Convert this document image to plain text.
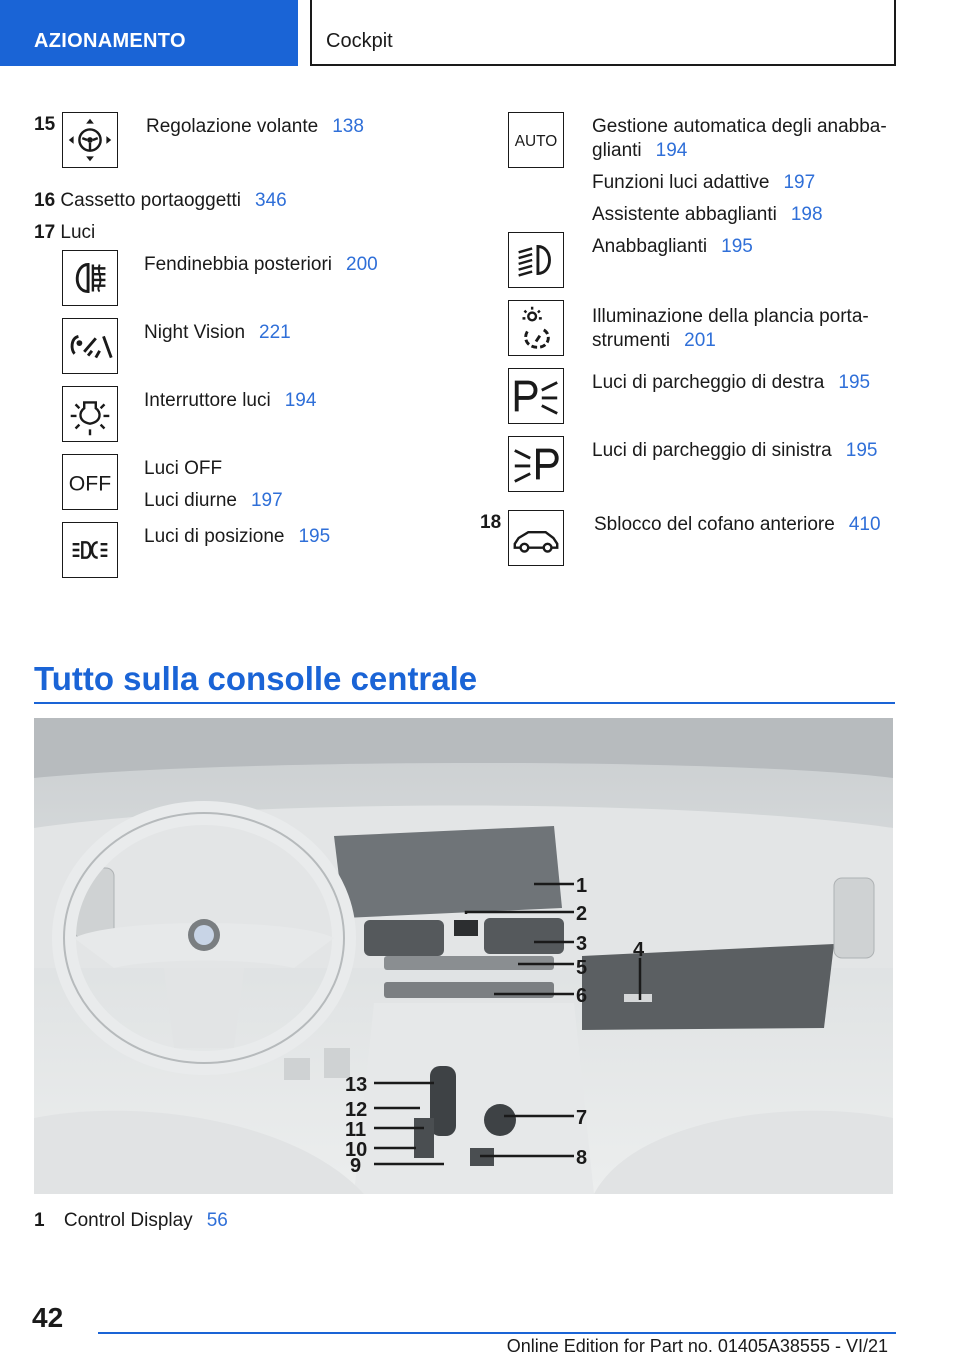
AZIONAMENTO	Cockpit
15	Regolazione volante 138
16 Cassetto portaoggetti 346
17 Luci
Fendinebbia posteriori 200
Night Vision 221
Interruttore luci 194
OFF
Luci OFF
Luci diurne 197
Luci di posizione 195
AUTO
Gestione automatica degli anabba-
glianti 194
Funzioni luci adattive 197
Assistente abbaglianti 198
Anabbaglianti 195
Illuminazione della plancia porta-
strumenti 201
Luci di parcheggio di destra 195
Luci di parcheggio di sinistra 195
18	Sblocco del cofano anteriore 410
Tutto sulla consolle centrale
1
2
3 4
5
6
7
8
9
10
11
12
13
1 Control Display 56
42
Online Edition for Part no. 01405A38555 - VI/21
